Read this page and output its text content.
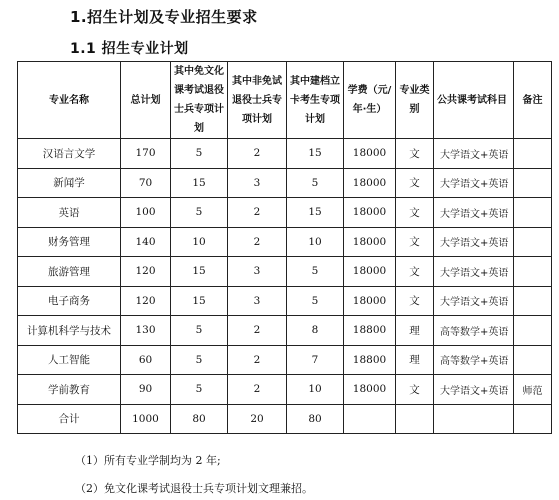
1.招生计划及专业招生要求
1.1 招生专业计划
专业名称	总计划	其中免文化课考试退役士兵专项计划	其中非免试退役士兵专项计划	其中建档立卡考生专项计划	学费（元/年·生）	专业类别	公共课考试科目	备注
汉语言文学	170	5	2	15	18000	文	大学语文+英语	
新闻学	70	15	3	5	18000	文	大学语文+英语	
英语	100	5	2	15	18000	文	大学语文+英语	
财务管理	140	10	2	10	18000	文	大学语文+英语	
旅游管理	120	15	3	5	18000	文	大学语文+英语	
电子商务	120	15	3	5	18000	文	大学语文+英语	
计算机科学与技术	130	5	2	8	18800	理	高等数学+英语	
人工智能	60	5	2	7	18800	理	高等数学+英语	
学前教育	90	5	2	10	18000	文	大学语文+英语	师范
合计	1000	80	20	80				
（1）所有专业学制均为 2 年;
（2）免文化课考试退役士兵专项计划文理兼招。
